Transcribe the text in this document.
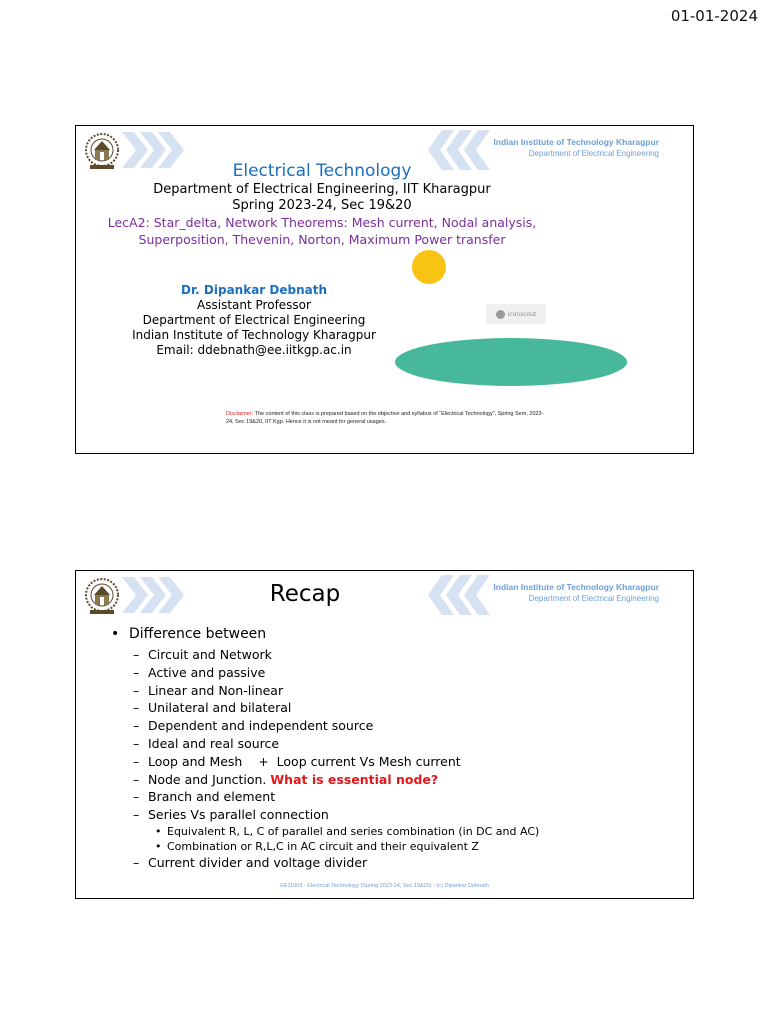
01-01-2024
Indian Institute of Technology Kharagpur
Department of Electrical Engineering
Electrical Technology
Department of Electrical Engineering, IIT Kharagpur
Spring 2023-24, Sec 19&20
LecA2: Star_delta, Network Theorems: Mesh current, Nodal analysis,
Superposition, Thevenin, Norton, Maximum Power transfer
Dr. Dipankar Debnath
Assistant Professor
Department of Electrical Engineering
Indian Institute of Technology Kharagpur
Email: ddebnath@ee.iitkgp.ac.in
iconscout
Disclaimer: The content of this class is prepared based on the objective and syllabus of “Electrical Technology”, Spring Sem, 2023-24, Sec 19&20, IIT Kgp. Hence it is not meant for general usages.
Indian Institute of Technology Kharagpur
Department of Electrical Engineering
Recap
• Difference between
– Circuit and Network
– Active and passive
– Linear and Non-linear
– Unilateral and bilateral
– Dependent and independent source
– Ideal and real source
– Loop and Mesh    +  Loop current Vs Mesh current
– Node and Junction. What is essential node?
– Branch and element
– Series Vs parallel connection
• Equivalent R, L, C of parallel and series combination (in DC and AC)
• Combination or R,L,C in AC circuit and their equivalent Z
– Current divider and voltage divider
EE11003 - Electrical Technology (Spring 2023-24, Sec 19&20) - (c) Dipankar Debnath
